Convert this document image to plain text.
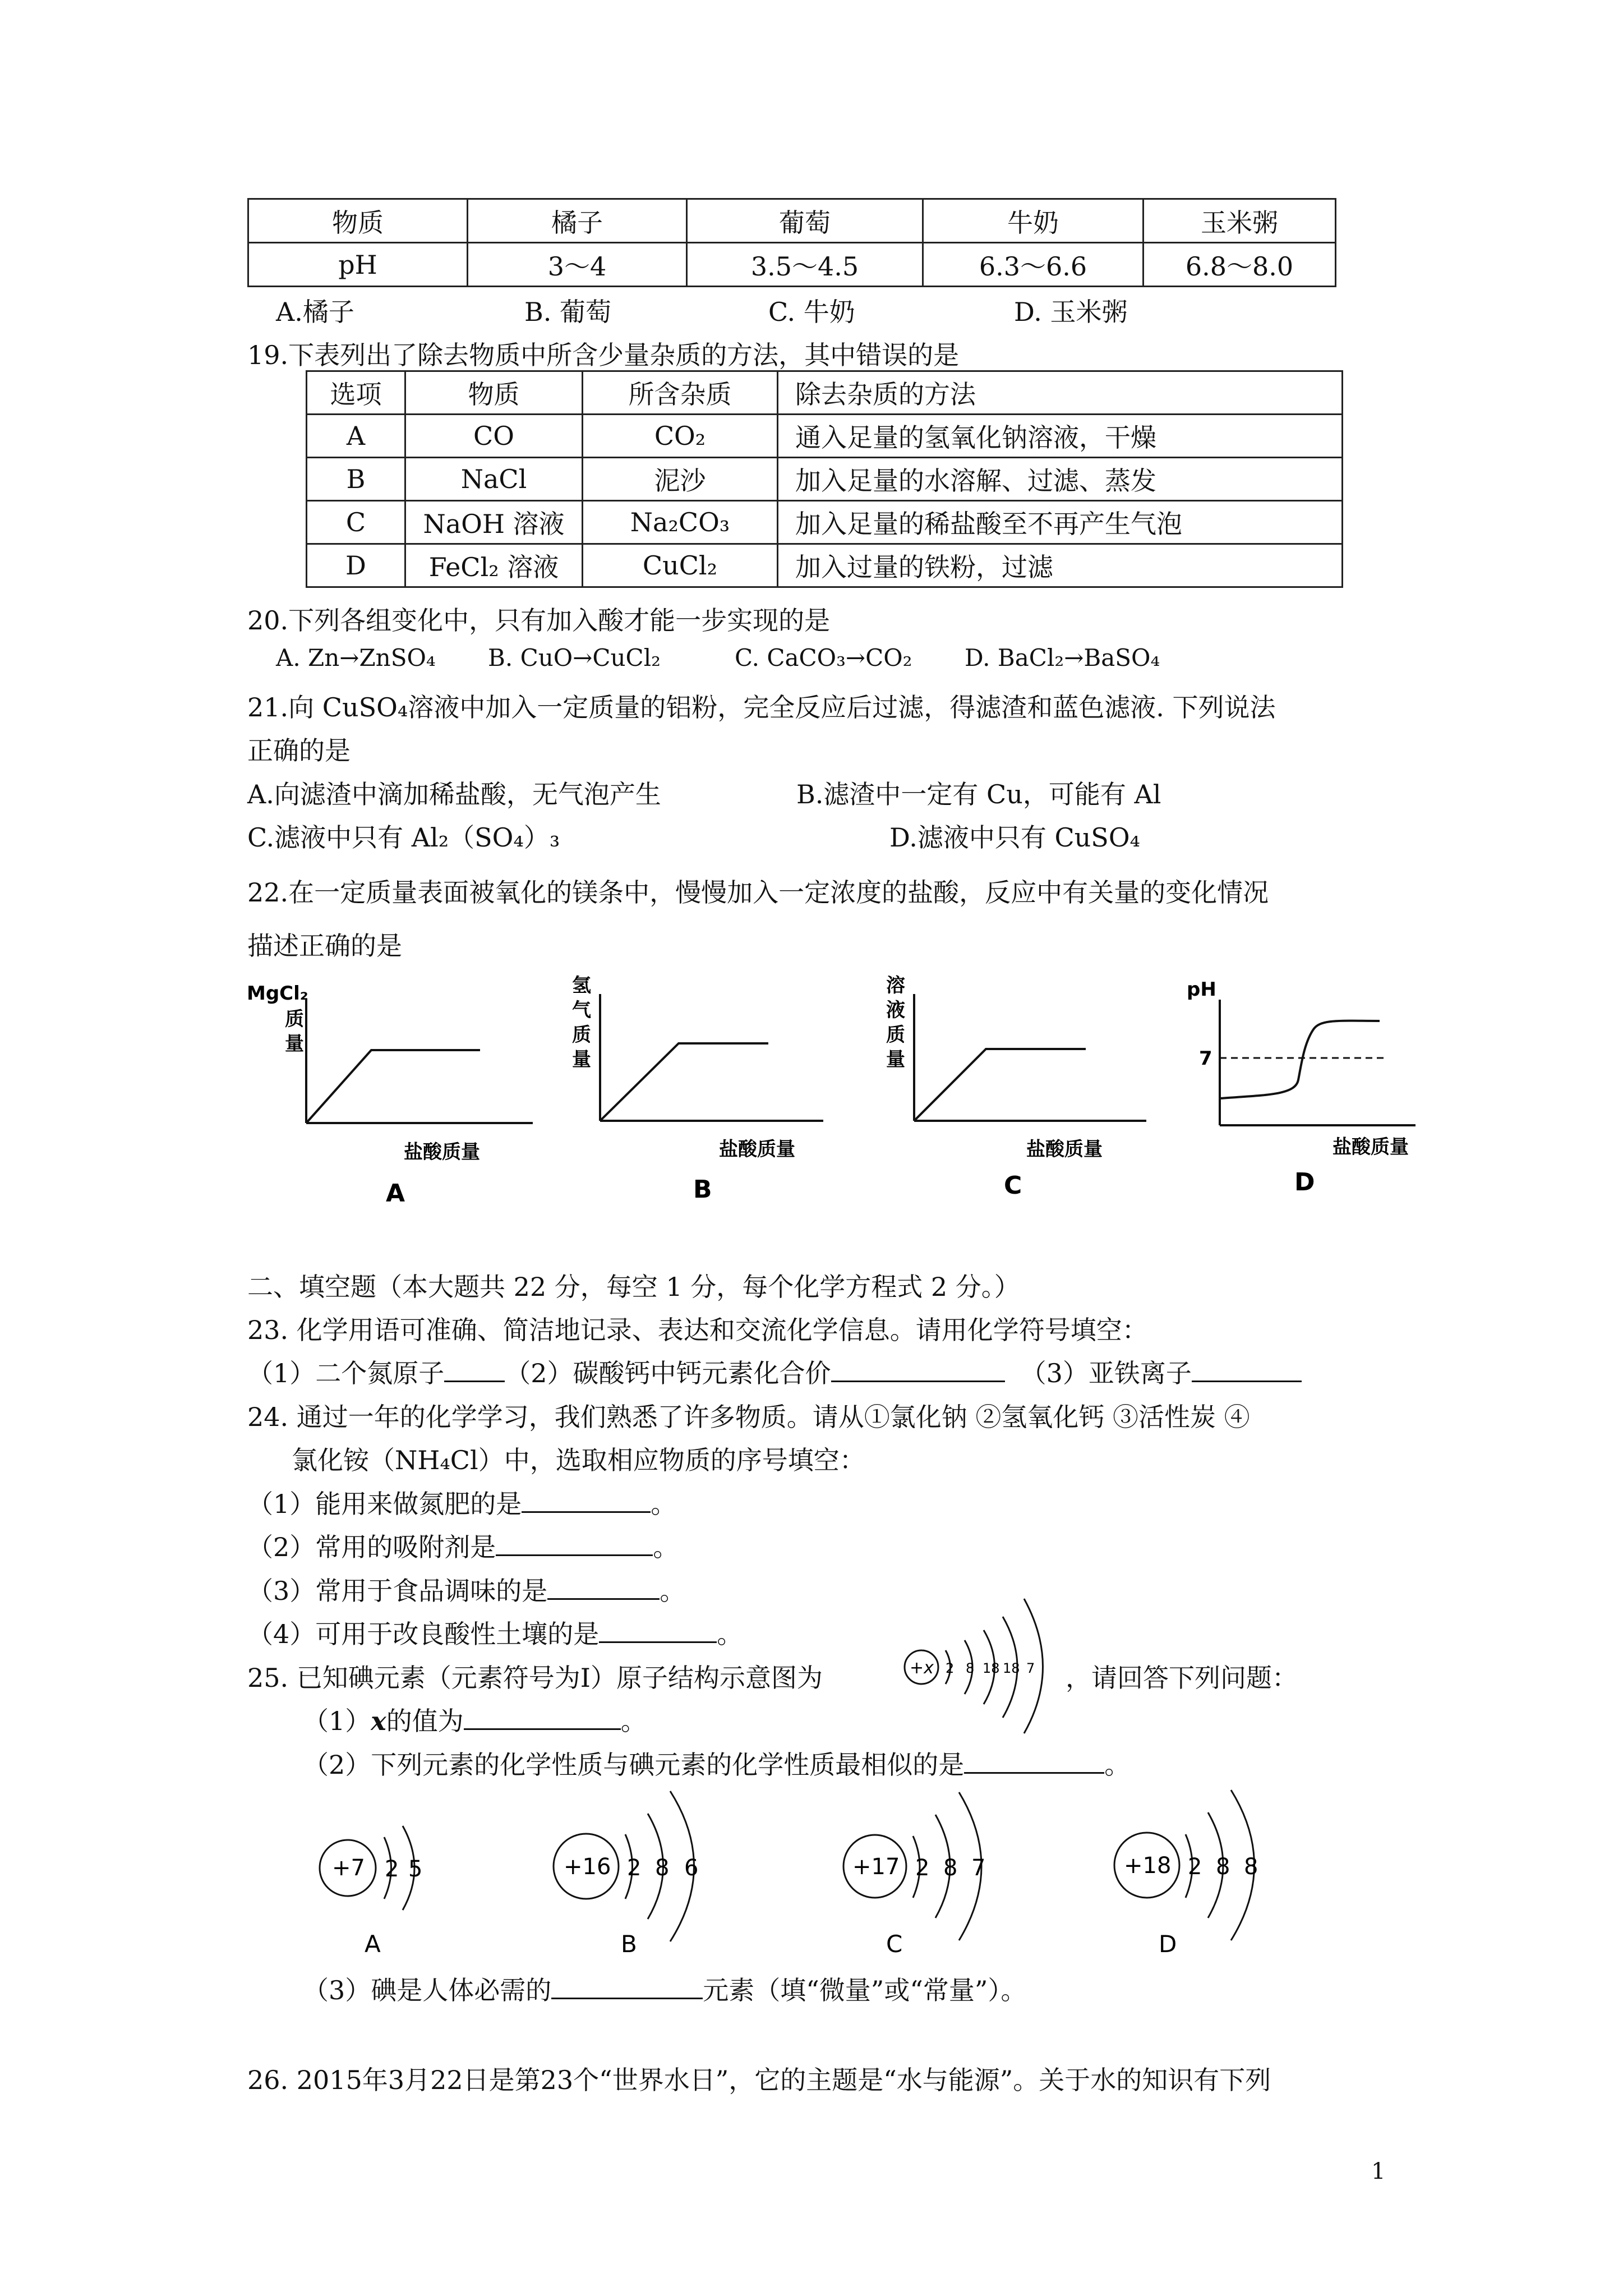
物质	橘子	葡萄	牛奶	玉米粥
pH	3～4	3.5～4.5	6.3～6.6	6.8～8.0
A.橘子	B. 葡萄	C. 牛奶	D. 玉米粥
19.下表列出了除去物质中所含少量杂质的方法，其中错误的是
选项	物质	所含杂质	除去杂质的方法
A	CO	CO₂	通入足量的氢氧化钠溶液，干燥
B	NaCl	泥沙	加入足量的水溶解、过滤、蒸发
C	NaOH 溶液	Na₂CO₃	加入足量的稀盐酸至不再产生气泡
D	FeCl₂ 溶液	CuCl₂	加入过量的铁粉，过滤
20.下列各组变化中，只有加入酸才能一步实现的是
A. Zn→ZnSO₄ B. CuO→CuCl₂	C. CaCO₃→CO₂ D. BaCl₂→BaSO₄
21.向 CuSO₄溶液中加入一定质量的铝粉，完全反应后过滤，得滤渣和蓝色滤液. 下列说法
正确的是
A.向滤渣中滴加稀盐酸，无气泡产生	B.滤渣中一定有 Cu，可能有 Al
C.滤液中只有 Al₂（SO₄）₃	D.滤液中只有 CuSO₄
22.在一定质量表面被氧化的镁条中，慢慢加入一定浓度的盐酸，反应中有关量的变化情况
描述正确的是
MgCl₂
质
量
盐酸质量
A
氢
气
质
量
盐酸质量
B
溶
液
质
量
盐酸质量
C
pH
7
盐酸质量
D
二、填空题（本大题共 22 分，每空 1 分，每个化学方程式 2 分。）
23. 化学用语可准确、简洁地记录、表达和交流化学信息。请用化学符号填空：
（1）二个氮原子 （2）碳酸钙中钙元素化合价	（3）亚铁离子
24. 通过一年的化学学习，我们熟悉了许多物质。请从①氯化钠 ②氢氧化钙 ③活性炭 ④
氯化铵（NH₄Cl）中，选取相应物质的序号填空：
（1）能用来做氮肥的是	。
（2）常用的吸附剂是	。
（3）常用于食品调味的是	。
（4）可用于改良酸性土壤的是	。
25. 已知碘元素（元素符号为I）原子结构示意图为	+x 2 8 18 18 7 ，请回答下列问题：
（1）x的值为	。
（2）下列元素的化学性质与碘元素的化学性质最相似的是	。
+7 2 5
A
+16 2 8 6
B
+17 2 8 7
C
+18 2 8 8
D
（3）碘是人体必需的	元素（填“微量”或“常量”）。
26. 2015年3月22日是第23个“世界水日”，它的主题是“水与能源”。关于水的知识有下列
1
